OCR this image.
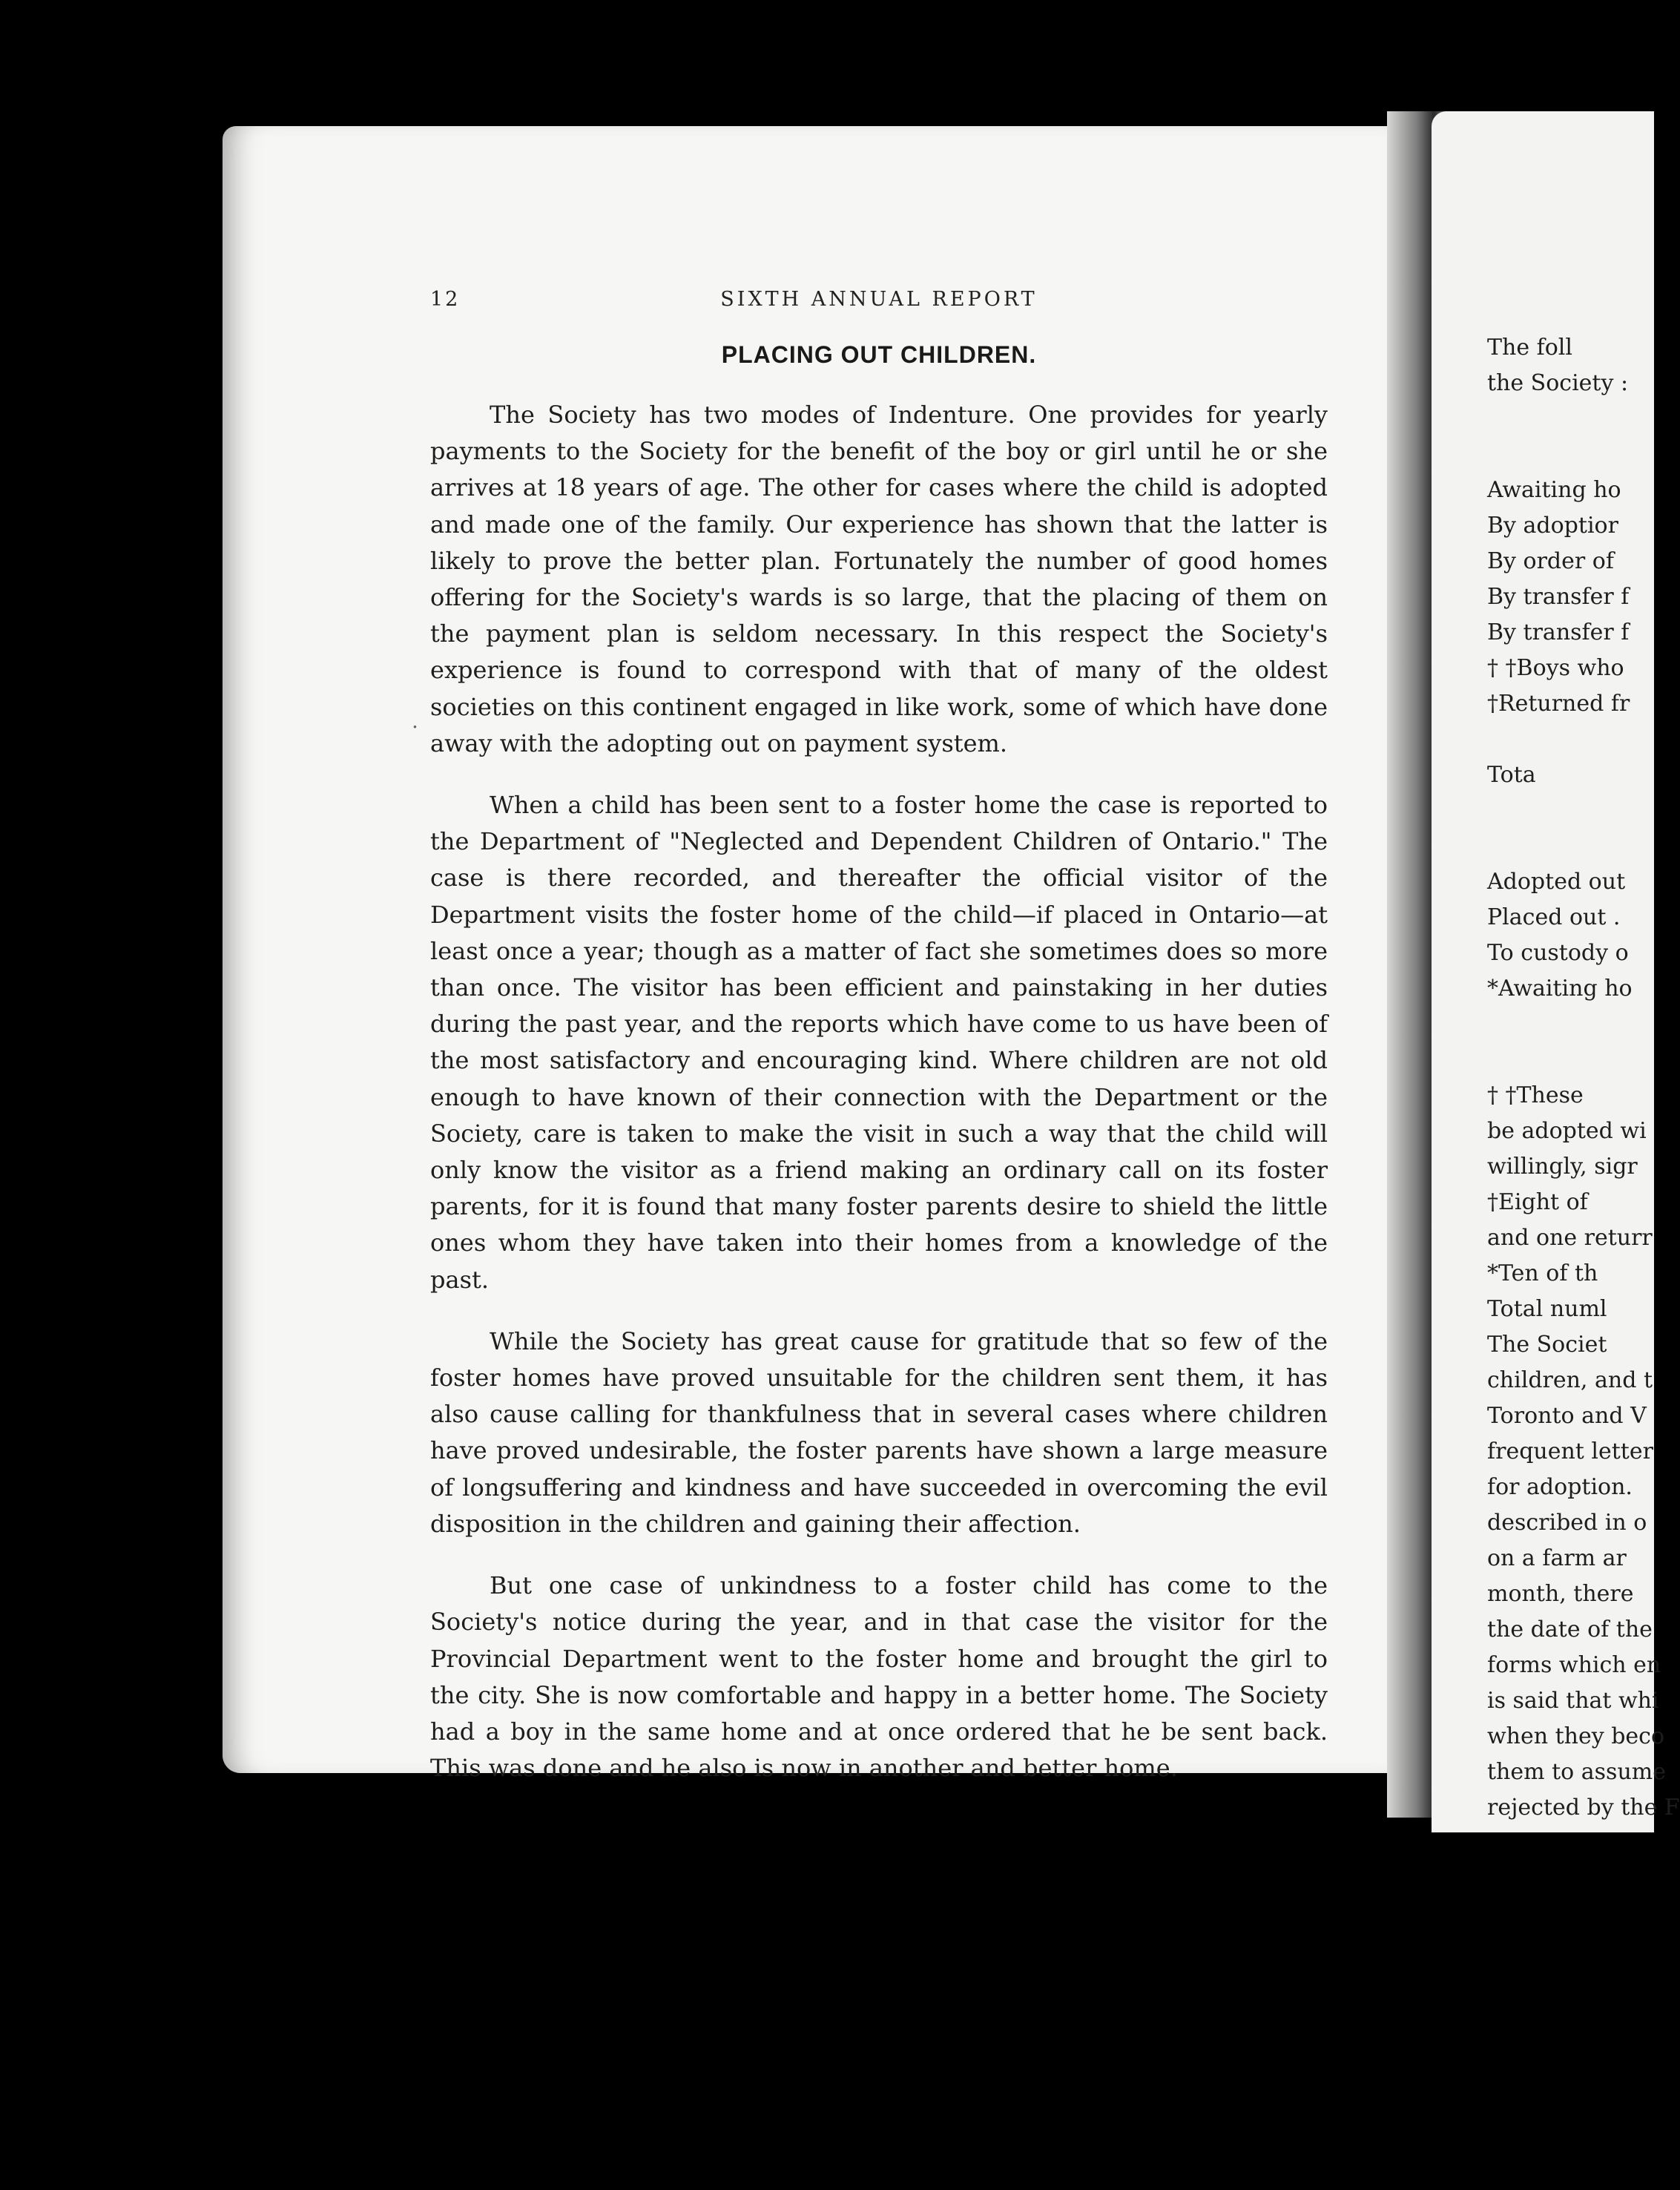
12	SIXTH ANNUAL REPORT
PLACING OUT CHILDREN.

The Society has two modes of Indenture. One provides for yearly payments to the Society for the benefit of the boy or girl until he or she arrives at 18 years of age. The other for cases where the child is adopted and made one of the family. Our experience has shown that the latter is likely to prove the better plan. Fortunately the number of good homes offering for the Society's wards is so large, that the placing of them on the payment plan is seldom necessary. In this respect the Society's experience is found to correspond with that of many of the oldest societies on this continent engaged in like work, some of which have done away with the adopting out on payment system.

When a child has been sent to a foster home the case is reported to the Department of "Neglected and Dependent Children of Ontario." The case is there recorded, and thereafter the official visitor of the Department visits the foster home of the child—if placed in Ontario—at least once a year; though as a matter of fact she sometimes does so more than once. The visitor has been efficient and painstaking in her duties during the past year, and the reports which have come to us have been of the most satisfactory and encouraging kind. Where children are not old enough to have known of their connection with the Department or the Society, care is taken to make the visit in such a way that the child will only know the visitor as a friend making an ordinary call on its foster parents, for it is found that many foster parents desire to shield the little ones whom they have taken into their homes from a knowledge of the past.

While the Society has great cause for gratitude that so few of the foster homes have proved unsuitable for the children sent them, it has also cause calling for thankfulness that in several cases where children have proved undesirable, the foster parents have shown a large measure of longsuffering and kindness and have succeeded in overcoming the evil disposition in the children and gaining their affection.

But one case of unkindness to a foster child has come to the Society's notice during the year, and in that case the visitor for the Provincial Department went to the foster home and brought the girl to the city. She is now comfortable and happy in a better home. The Society had a boy in the same home and at once ordered that he be sent back. This was done and he also is now in another and better home.

The foll
the Society :
Awaiting ho
By adoptior
By order of
By transfer f
By transfer f
† †Boys who
†Returned fr
Tota
Adopted out
Placed out .
To custody o
*Awaiting ho
† †These
be adopted wi
willingly, sigr
†Eight of
and one returr
*Ten of th
Total numl
The Societ
children, and t
Toronto and V
frequent letter
for adoption.
described in o
on a farm ar
month, there
the date of the
forms which en
is said that whi
when they beco
them to assume
rejected by the F
.
